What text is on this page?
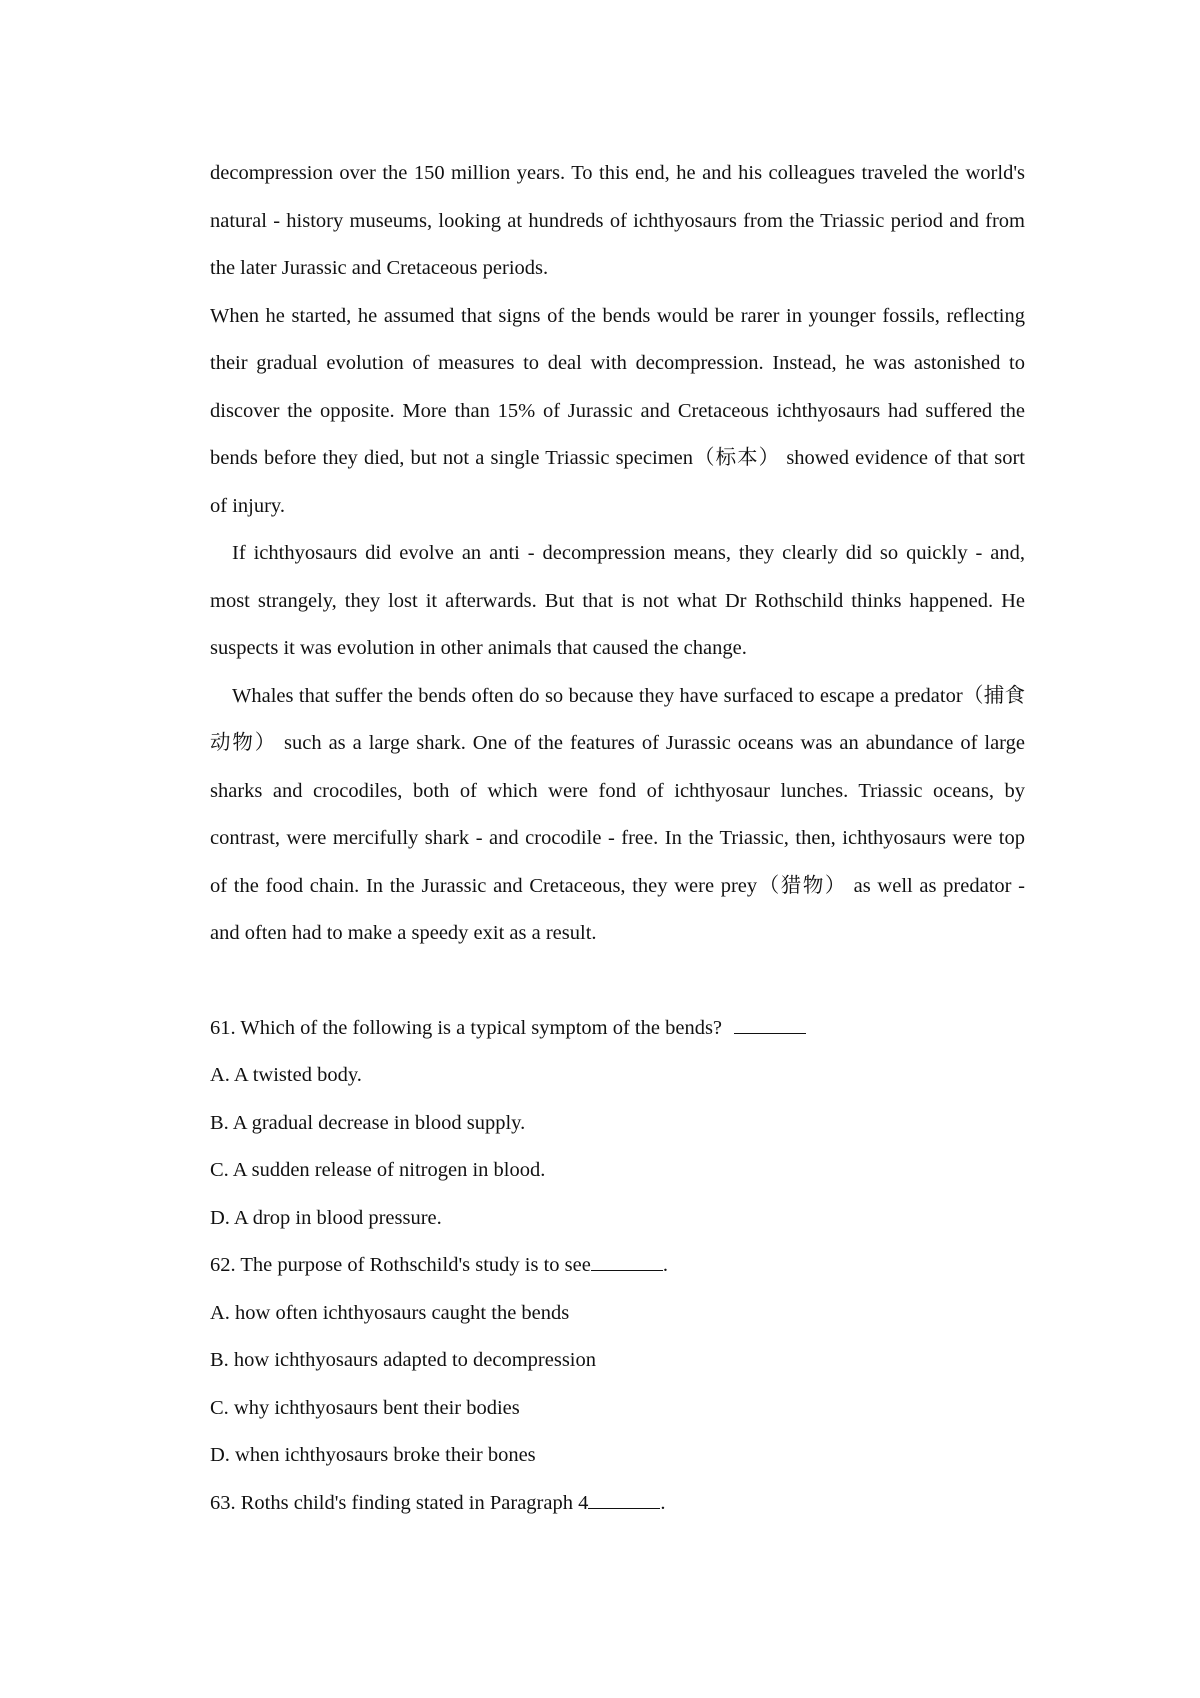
decompression over the 150 million years. To this end, he and his colleagues traveled the world's natural - history museums, looking at hundreds of ichthyosaurs from the Triassic period and from the later Jurassic and Cretaceous periods.

When he started, he assumed that signs of the bends would be rarer in younger fossils, reflecting their gradual evolution of measures to deal with decompression. Instead, he was astonished to discover the opposite. More than 15% of Jurassic and Cretaceous ichthyosaurs had suffered the bends before they died, but not a single Triassic specimen（标本） showed evidence of that sort of injury.

If ichthyosaurs did evolve an anti - decompression means, they clearly did so quickly - and, most strangely, they lost it afterwards. But that is not what Dr Rothschild thinks happened. He suspects it was evolution in other animals that caused the change.

Whales that suffer the bends often do so because they have surfaced to escape a predator（捕食动物） such as a large shark. One of the features of Jurassic oceans was an abundance of large sharks and crocodiles, both of which were fond of ichthyosaur lunches. Triassic oceans, by contrast, were mercifully shark - and crocodile - free. In the Triassic, then, ichthyosaurs were top of the food chain. In the Jurassic and Cretaceous, they were prey（猎物） as well as predator - and often had to make a speedy exit as a result.

61. Which of the following is a typical symptom of the bends?

A. A twisted body.

B. A gradual decrease in blood supply.

C. A sudden release of nitrogen in blood.

D. A drop in blood pressure.

62. The purpose of Rothschild's study is to see	.

A. how often ichthyosaurs caught the bends

B. how ichthyosaurs adapted to decompression

C. why ichthyosaurs bent their bodies

D. when ichthyosaurs broke their bones

63. Roths child's finding stated in Paragraph 4	.
